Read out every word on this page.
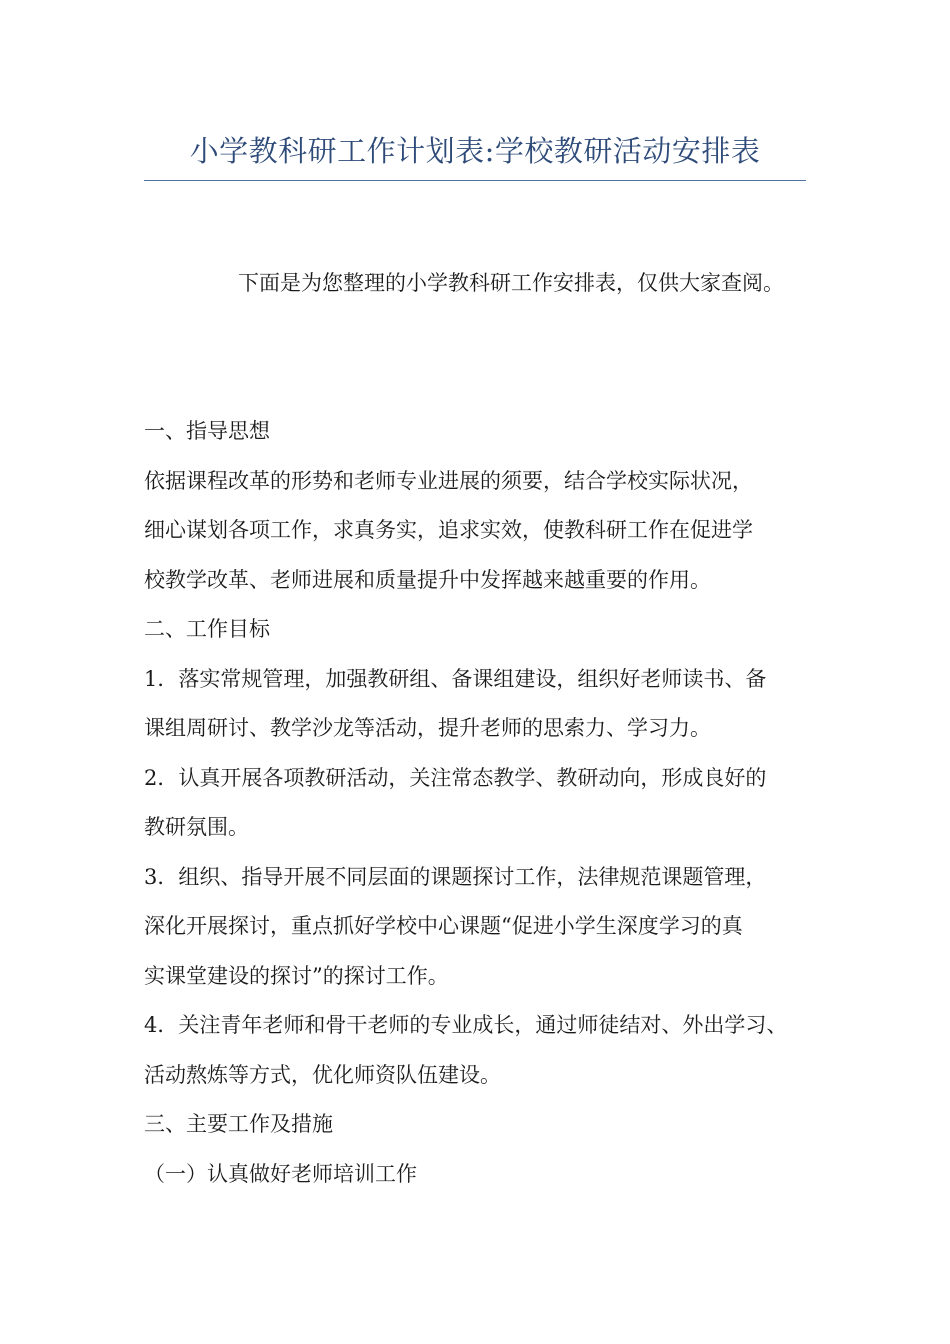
小学教科研工作计划表:学校教研活动安排表
下面是为您整理的小学教科研工作安排表，仅供大家查阅。
一、指导思想
依据课程改革的形势和老师专业进展的须要，结合学校实际状况，
细心谋划各项工作，求真务实，追求实效，使教科研工作在促进学
校教学改革、老师进展和质量提升中发挥越来越重要的作用。
二、工作目标
1．落实常规管理，加强教研组、备课组建设，组织好老师读书、备
课组周研讨、教学沙龙等活动，提升老师的思索力、学习力。
2．认真开展各项教研活动，关注常态教学、教研动向，形成良好的
教研氛围。
3．组织、指导开展不同层面的课题探讨工作，法律规范课题管理，
深化开展探讨，重点抓好学校中心课题“促进小学生深度学习的真
实课堂建设的探讨”的探讨工作。
4．关注青年老师和骨干老师的专业成长，通过师徒结对、外出学习、
活动熬炼等方式，优化师资队伍建设。
三、主要工作及措施
（一）认真做好老师培训工作
